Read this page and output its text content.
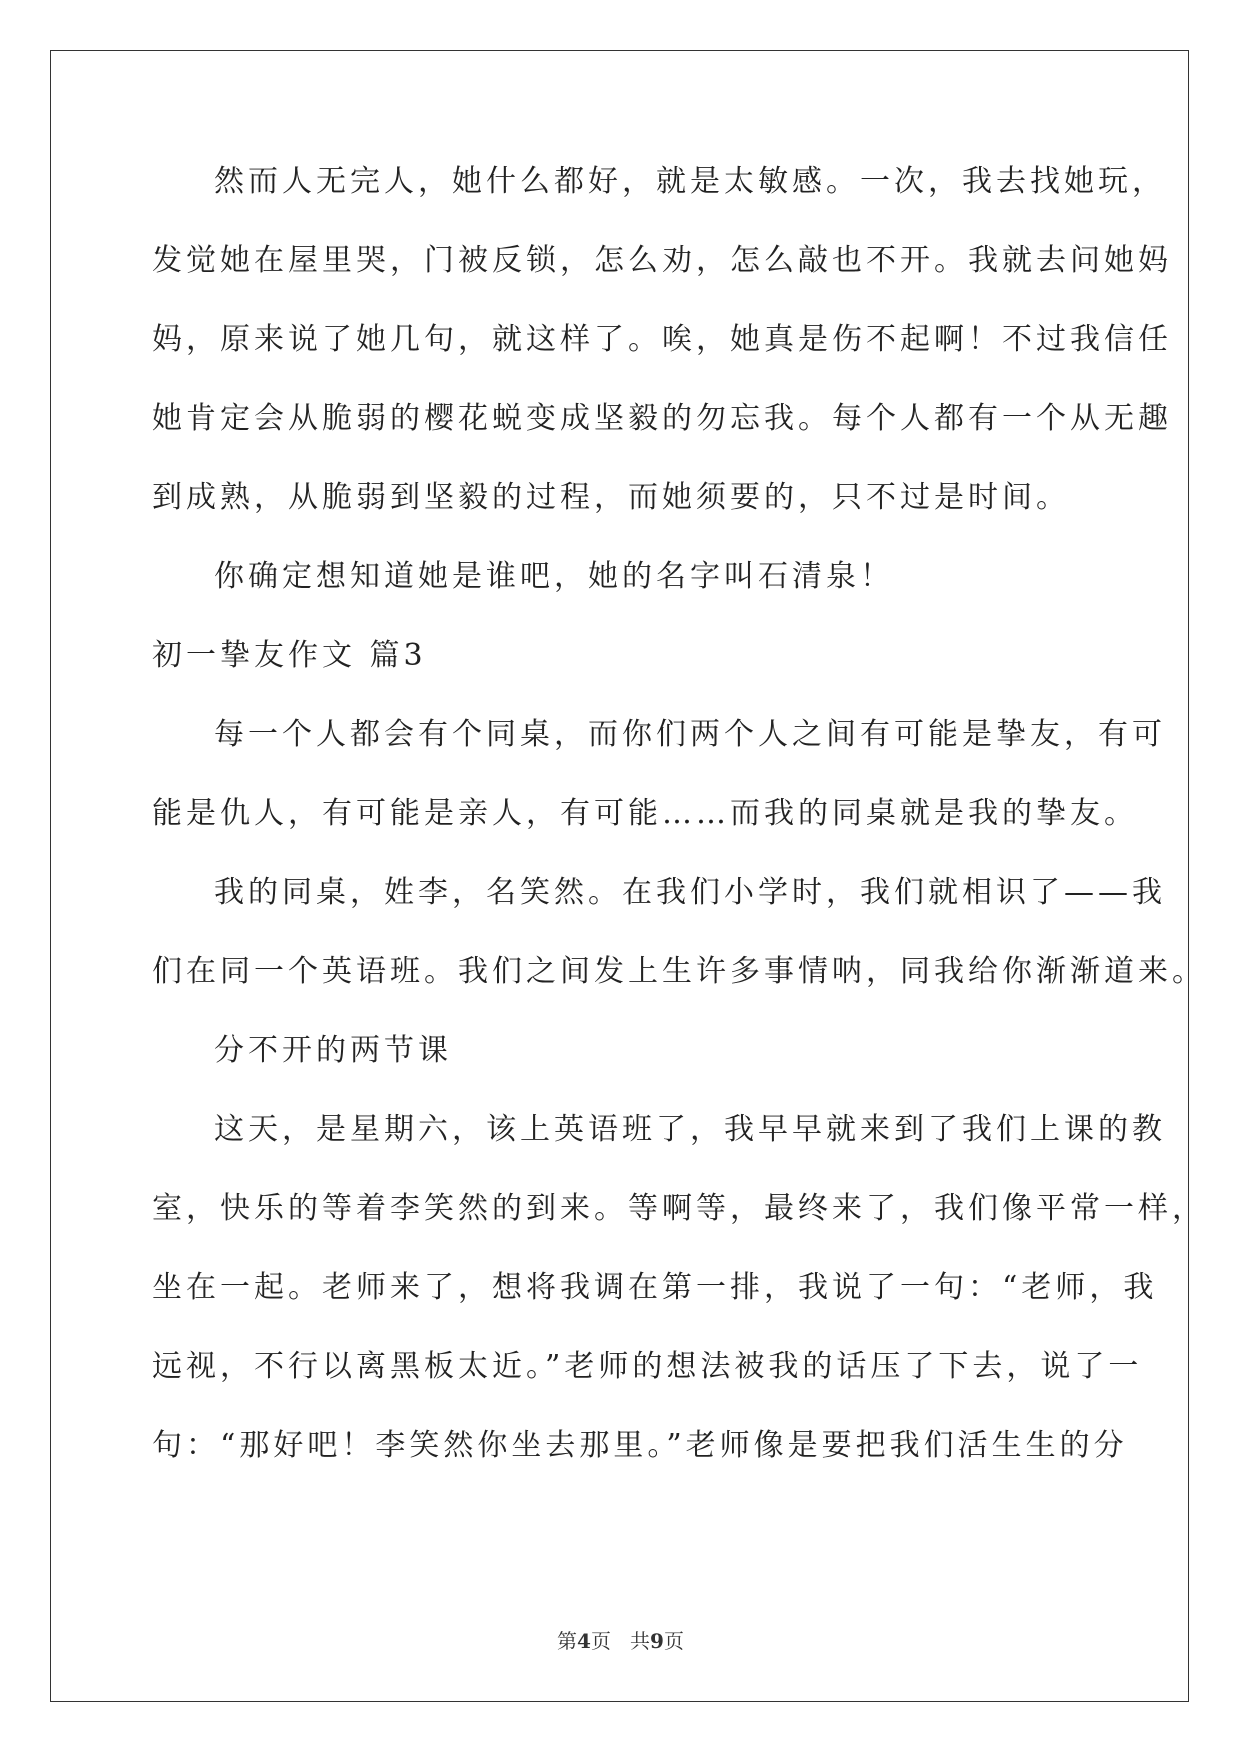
然而人无完人，她什么都好，就是太敏感。一次，我去找她玩，
发觉她在屋里哭，门被反锁，怎么劝，怎么敲也不开。我就去问她妈
妈，原来说了她几句，就这样了。唉，她真是伤不起啊！不过我信任
她肯定会从脆弱的樱花蜕变成坚毅的勿忘我。每个人都有一个从无趣
到成熟，从脆弱到坚毅的过程，而她须要的，只不过是时间。
你确定想知道她是谁吧，她的名字叫石清泉！
初一挚友作文 篇3
每一个人都会有个同桌，而你们两个人之间有可能是挚友，有可
能是仇人，有可能是亲人，有可能……而我的同桌就是我的挚友。
我的同桌，姓李，名笑然。在我们小学时，我们就相识了——我
们在同一个英语班。我们之间发上生许多事情呐，同我给你渐渐道来。
分不开的两节课
这天，是星期六，该上英语班了，我早早就来到了我们上课的教
室，快乐的等着李笑然的到来。等啊等，最终来了，我们像平常一样，
坐在一起。老师来了，想将我调在第一排，我说了一句：“老师，我
远视，不行以离黑板太近。”老师的想法被我的话压了下去，说了一
句：“那好吧！李笑然你坐去那里。”老师像是要把我们活生生的分
第4页   共9页
